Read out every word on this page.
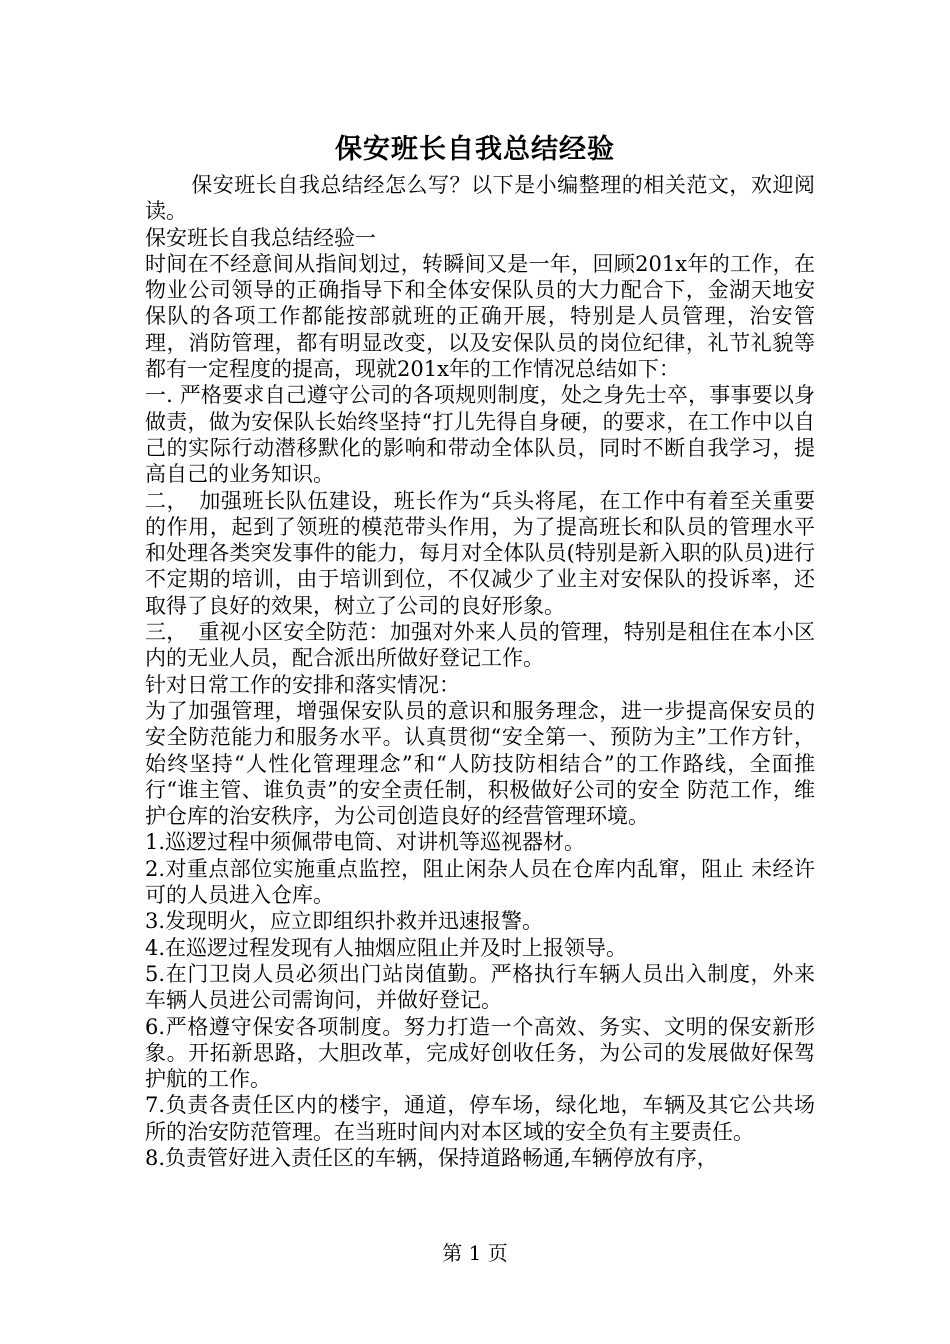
保安班长自我总结经验

保安班长自我总结经怎么写？以下是小编整理的相关范文，欢迎阅读。

保安班长自我总结经验一

时间在不经意间从指间划过，转瞬间又是一年，回顾201x年的工作，在物业公司领导的正确指导下和全体安保队员的大力配合下，金湖天地安保队的各项工作都能按部就班的正确开展，特别是人员管理，治安管理，消防管理，都有明显改变，以及安保队员的岗位纪律，礼节礼貌等都有一定程度的提高，现就201x年的工作情况总结如下：

一. 严格要求自己遵守公司的各项规则制度，处之身先士卒，事事要以身做责，做为安保队长始终坚持“打儿先得自身硬，的要求，在工作中以自己的实际行动潜移默化的影响和带动全体队员，同时不断自我学习，提高自己的业务知识。

二，　加强班长队伍建设，班长作为“兵头将尾，在工作中有着至关重要的作用，起到了领班的模范带头作用，为了提高班长和队员的管理水平和处理各类突发事件的能力，每月对全体队员(特别是新入职的队员)进行不定期的培训，由于培训到位，不仅减少了业主对安保队的投诉率，还取得了良好的效果，树立了公司的良好形象。

三，　重视小区安全防范：加强对外来人员的管理，特别是租住在本小区内的无业人员，配合派出所做好登记工作。

针对日常工作的安排和落实情况：

为了加强管理，增强保安队员的意识和服务理念，进一步提高保安员的安全防范能力和服务水平。认真贯彻“安全第一、预防为主”工作方针，始终坚持“人性化管理理念”和“人防技防相结合”的工作路线，全面推行“谁主管、谁负责”的安全责任制，积极做好公司的安全 防范工作，维护仓库的治安秩序，为公司创造良好的经营管理环境。

1.巡逻过程中须佩带电筒、对讲机等巡视器材。

2.对重点部位实施重点监控，阻止闲杂人员在仓库内乱窜，阻止 未经许可的人员进入仓库。

3.发现明火，应立即组织扑救并迅速报警。

4.在巡逻过程发现有人抽烟应阻止并及时上报领导。

5.在门卫岗人员必须出门站岗值勤。严格执行车辆人员出入制度，外来车辆人员进公司需询问，并做好登记。

6.严格遵守保安各项制度。努力打造一个高效、务实、文明的保安新形象。开拓新思路，大胆改革，完成好创收任务，为公司的发展做好保驾护航的工作。

7.负责各责任区内的楼宇，通道，停车场，绿化地，车辆及其它公共场所的治安防范管理。在当班时间内对本区域的安全负有主要责任。

8.负责管好进入责任区的车辆，保持道路畅通,车辆停放有序，

第 1 页
